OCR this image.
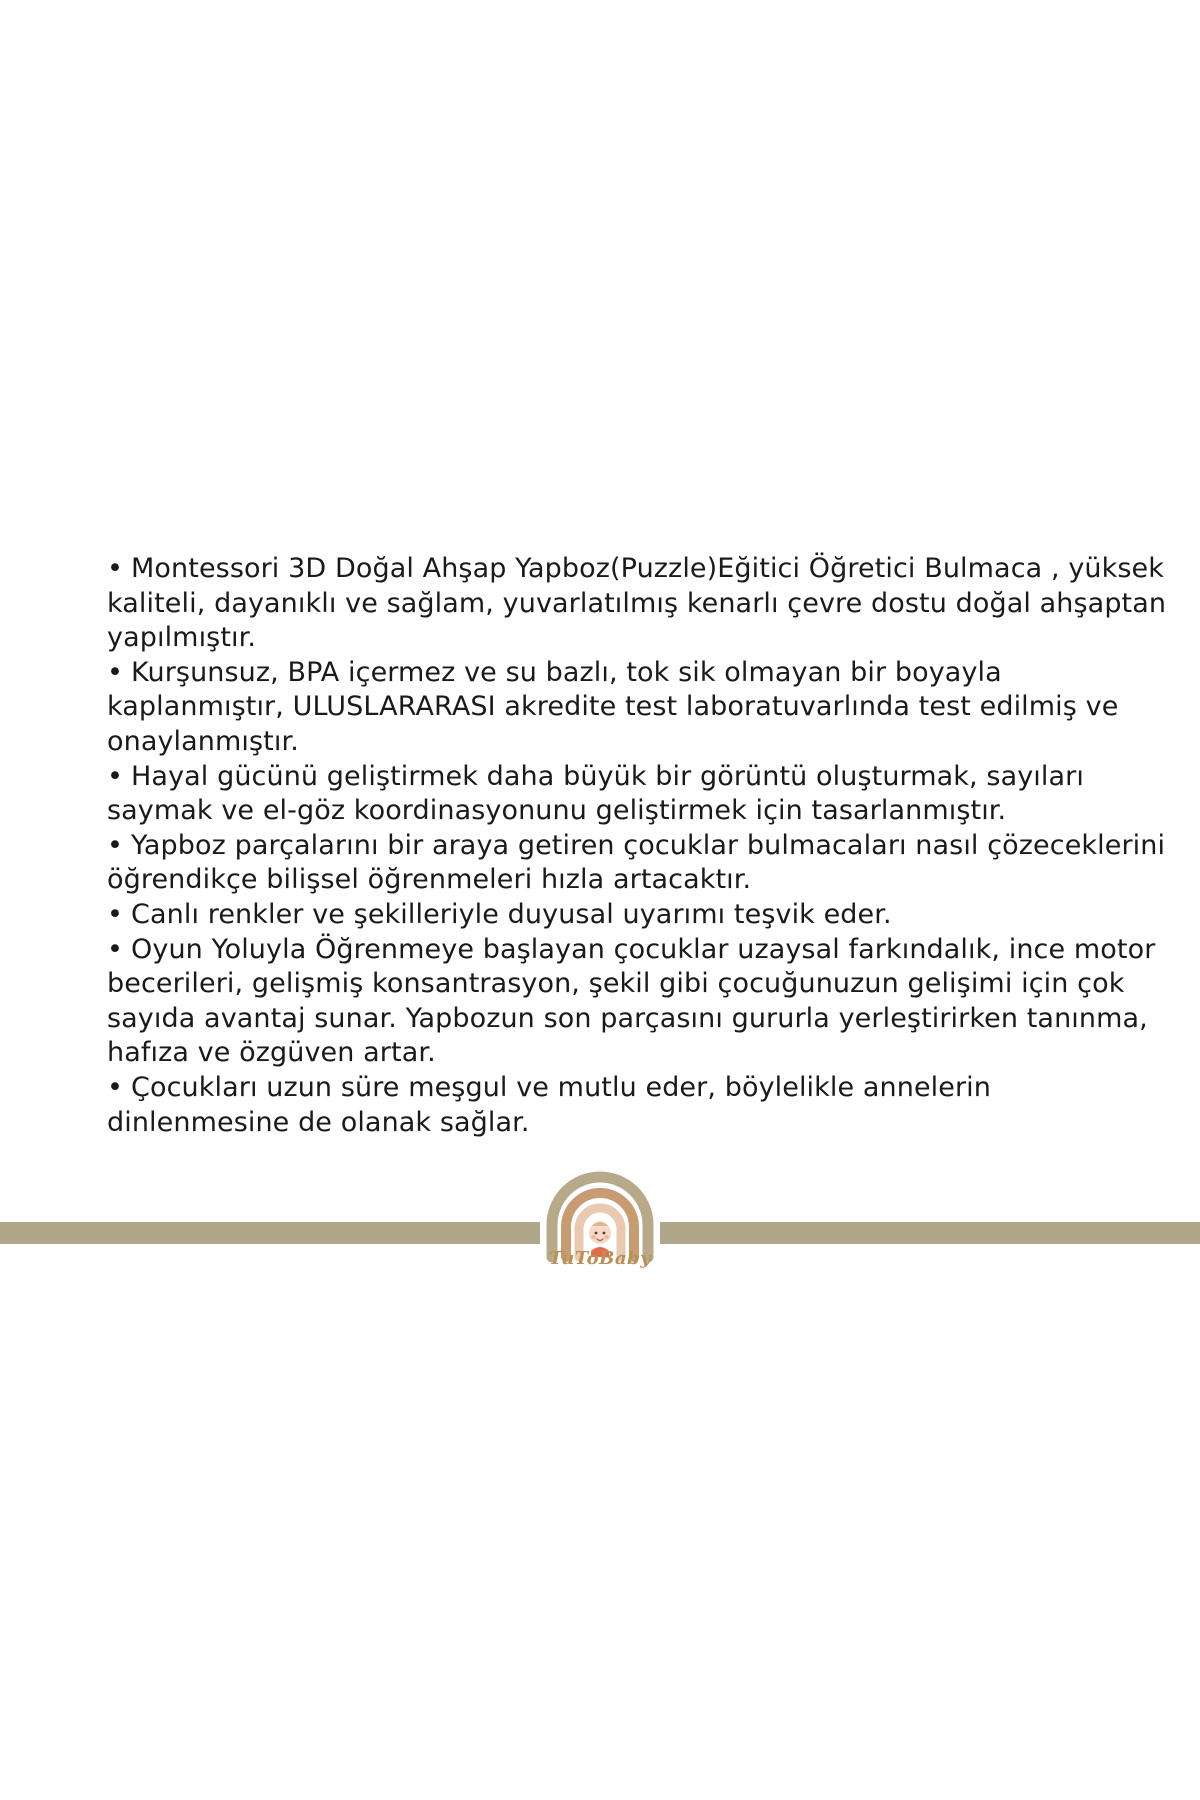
• Montessori 3D Doğal Ahşap Yapboz(Puzzle)Eğitici Öğretici Bulmaca , yüksek kaliteli, dayanıklı ve sağlam, yuvarlatılmış kenarlı çevre dostu doğal ahşaptan yapılmıştır.

• Kurşunsuz, BPA içermez ve su bazlı, tok sik olmayan bir boyayla kaplanmıştır, ULUSLARARASI akredite test laboratuvarlında test edilmiş ve onaylanmıştır.

• Hayal gücünü geliştirmek daha büyük bir görüntü oluşturmak, sayıları saymak ve el-göz koordinasyonunu geliştirmek için tasarlanmıştır.

• Yapboz parçalarını bir araya getiren çocuklar bulmacaları nasıl çözeceklerini öğrendikçe bilişsel öğrenmeleri hızla artacaktır.

• Canlı renkler ve şekilleriyle duyusal uyarımı teşvik eder.

• Oyun Yoluyla Öğrenmeye başlayan çocuklar uzaysal farkındalık, ince motor becerileri, gelişmiş konsantrasyon, şekil gibi çocuğunuzun gelişimi için çok sayıda avantaj sunar. Yapbozun son parçasını gururla yerleştirirken tanınma, hafıza ve özgüven artar.

• Çocukları uzun süre meşgul ve mutlu eder, böylelikle annelerin dinlenmesine de olanak sağlar.

TuToBaby
